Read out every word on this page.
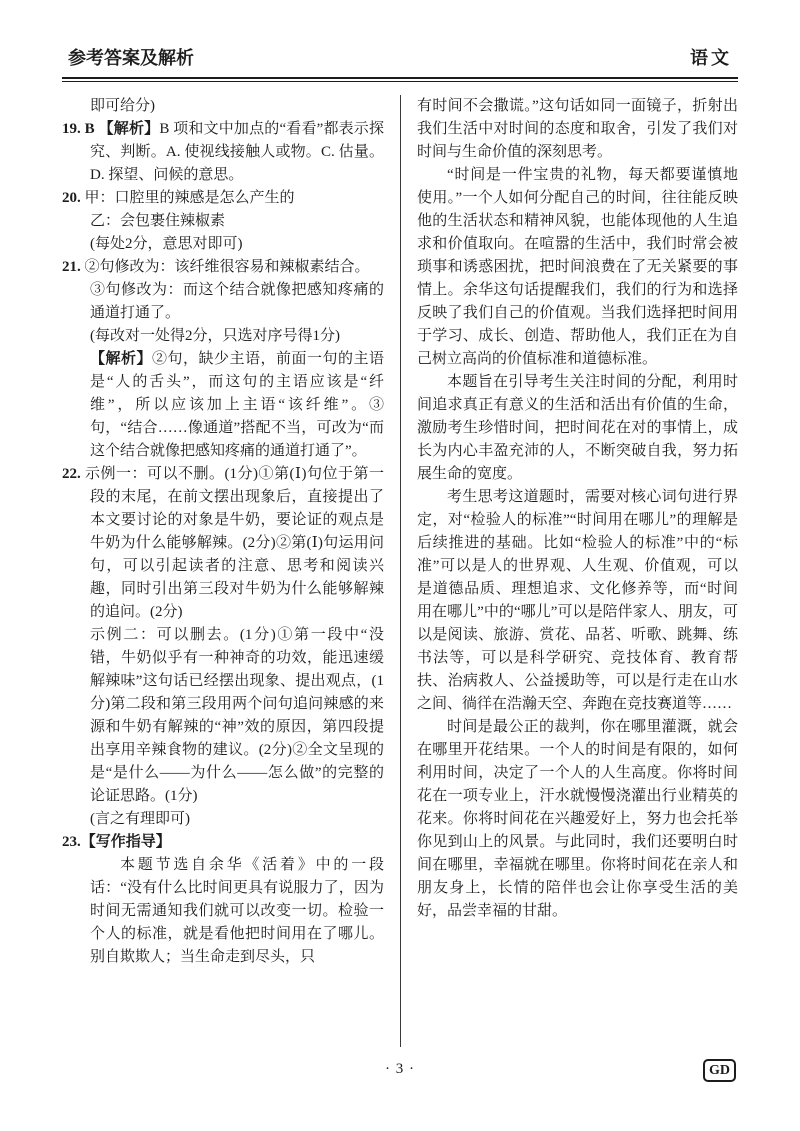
参考答案及解析	语文

即可给分)

19. B 【解析】B 项和文中加点的“看看”都表示探究、判断。A. 使视线接触人或物。C. 估量。D. 探望、问候的意思。

20. 甲：口腔里的辣感是怎么产生的

乙：会包裹住辣椒素

(每处2分，意思对即可)

21. ②句修改为：该纤维很容易和辣椒素结合。

③句修改为：而这个结合就像把感知疼痛的通道打通了。

(每改对一处得2分，只选对序号得1分)

【解析】②句，缺少主语，前面一句的主语是“人的舌头”，而这句的主语应该是“纤维”，所以应该加上主语“该纤维”。③句，“结合……像通道”搭配不当，可改为“而这个结合就像把感知疼痛的通道打通了”。

22. 示例一：可以不删。(1分)①第(Ⅰ)句位于第一段的末尾，在前文摆出现象后，直接提出了本文要讨论的对象是牛奶，要论证的观点是牛奶为什么能够解辣。(2分)②第(Ⅰ)句运用问句，可以引起读者的注意、思考和阅读兴趣，同时引出第三段对牛奶为什么能够解辣的追问。(2分)

示例二：可以删去。(1分)①第一段中“没错，牛奶似乎有一种神奇的功效，能迅速缓解辣味”这句话已经摆出现象、提出观点，(1分)第二段和第三段用两个问句追问辣感的来源和牛奶有解辣的“神”效的原因，第四段提出享用辛辣食物的建议。(2分)②全文呈现的是“是什么——为什么——怎么做”的完整的论证思路。(1分)

(言之有理即可)

23.【写作指导】

本题节选自余华《活着》中的一段话：“没有什么比时间更具有说服力了，因为时间无需通知我们就可以改变一切。检验一个人的标准，就是看他把时间用在了哪儿。别自欺欺人；当生命走到尽头，只

有时间不会撒谎。”这句话如同一面镜子，折射出我们生活中对时间的态度和取舍，引发了我们对时间与生命价值的深刻思考。

“时间是一件宝贵的礼物，每天都要谨慎地使用。”一个人如何分配自己的时间，往往能反映他的生活状态和精神风貌，也能体现他的人生追求和价值取向。在喧嚣的生活中，我们时常会被琐事和诱惑困扰，把时间浪费在了无关紧要的事情上。余华这句话提醒我们，我们的行为和选择反映了我们自己的价值观。当我们选择把时间用于学习、成长、创造、帮助他人，我们正在为自己树立高尚的价值标准和道德标准。

本题旨在引导考生关注时间的分配，利用时间追求真正有意义的生活和活出有价值的生命，激励考生珍惜时间，把时间花在对的事情上，成长为内心丰盈充沛的人，不断突破自我，努力拓展生命的宽度。

考生思考这道题时，需要对核心词句进行界定，对“检验人的标准”“时间用在哪儿”的理解是后续推进的基础。比如“检验人的标准”中的“标准”可以是人的世界观、人生观、价值观，可以是道德品质、理想追求、文化修养等，而“时间用在哪儿”中的“哪儿”可以是陪伴家人、朋友，可以是阅读、旅游、赏花、品茗、听歌、跳舞、练书法等，可以是科学研究、竞技体育、教育帮扶、治病救人、公益援助等，可以是行走在山水之间、徜徉在浩瀚天空、奔跑在竞技赛道等……

时间是最公正的裁判，你在哪里灌溉，就会在哪里开花结果。一个人的时间是有限的，如何利用时间，决定了一个人的人生高度。你将时间花在一项专业上，汗水就慢慢浇灌出行业精英的花来。你将时间花在兴趣爱好上，努力也会托举你见到山上的风景。与此同时，我们还要明白时间在哪里，幸福就在哪里。你将时间花在亲人和朋友身上，长情的陪伴也会让你享受生活的美好，品尝幸福的甘甜。

· 3 ·	GD
